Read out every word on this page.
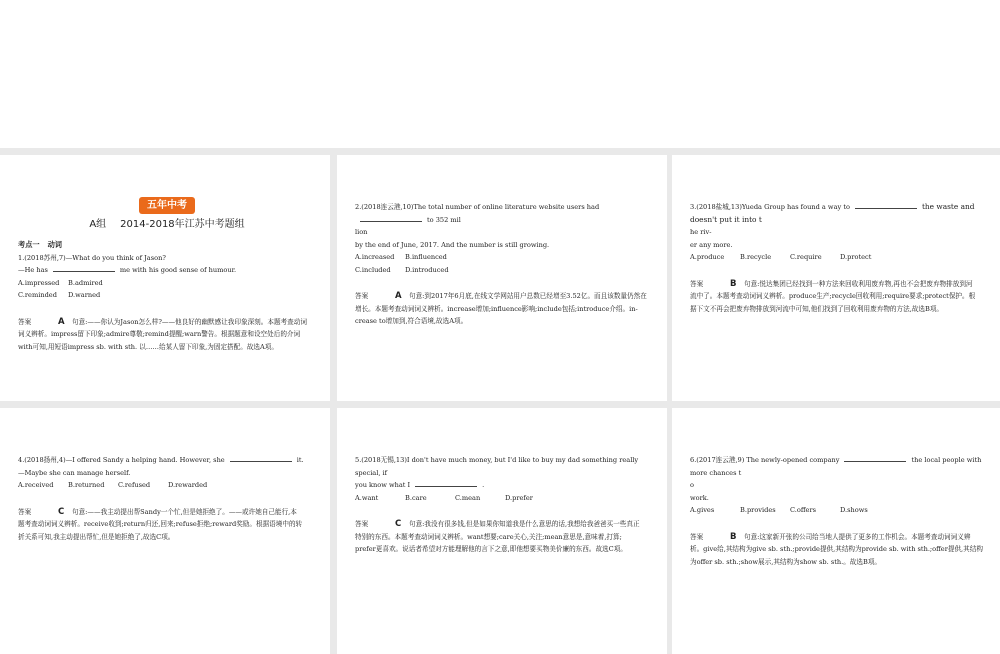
五年中考
A组 2014-2018年江苏中考题组
考点一 动词
1.(2018苏州,7)—What do you think of Jason?
—He has	me with his good sense of humour.
A.impressed B.admired
C.reminded D.warned
答案	A 句意:——你认为Jason怎么样?——他良好的幽默感让我印象深刻。本题考查动词
词义辨析。impress留下印象;admire尊敬;remind提醒;warn警告。根据题意和设空处后的介词
with可知,用短语impress sb. with sth. 以……给某人留下印象,为固定搭配。故选A项。
2.(2018连云港,10)The total number of online literature website users hadto 352 mil
lion
by the end of June, 2017. And the number is still growing.
A.increased B.influenced
C.included D.introduced
答案	A 句意:到2017年6月底,在线文学网站用户总数已经增至3.52亿。而且该数量仍然在
增长。本题考查动词词义辨析。increase增加;influence影响;include包括;introduce介绍。in-
crease to增加到,符合语境,故选A项。
3.(2018盐城,13)Yueda Group has found a way to	the waste and doesn't put it into t
he riv-
er any more.
A.produce B.recycle	C.require	D.protect
答案	B 句意:悦达集团已经找到一种方法来回收利用废弃物,再也不会把废弃物排放到河
流中了。本题考查动词词义辨析。produce生产;recycle回收利用;require要求;protect保护。根
据下文不再会把废弃物排放到河流中可知,他们找到了回收利用废弃物的方法,故选B项。
4.(2018扬州,4)—I offered Sandy a helping hand. However, she	it.
—Maybe she can manage herself.
A.received B.returned C.refused	D.rewarded
答案	C 句意:——我主动提出帮Sandy一个忙,但是她拒绝了。——或许她自己能行,本
题考查动词词义辨析。receive收到;return归还,回来;refuse拒绝;reward奖励。根据语境中的转
折关系可知,我主动提出帮忙,但是她拒绝了,故选C项。
5.(2018无锡,13)I don't have much money, but I'd like to buy my dad something really special, if
you know what I	.
A.want	B.care	C.mean	D.prefer
答案	C 句意:我没有很多钱,但是如果你知道我是什么意思的话,我想给我爸爸买一些真正
特别的东西。本题考查动词词义辨析。want想要;care关心,关注;mean意思是,意味着,打算;
prefer更喜欢。说话者希望对方能理解他的言下之意,即他想要买物美价廉的东西。故选C项。
6.(2017连云港,9) The newly-opened company	the local people with more chances t
o
work.
A.gives	B.provides C.offers	D.shows
答案	B 句意:这家新开张的公司给当地人提供了更多的工作机会。本题考查动词词义辨
析。give给,其结构为give sb. sth.;provide提供,其结构为provide sb. with sth.;offer提供,其结构
为offer sb. sth.;show展示,其结构为show sb. sth.。故选B项。
